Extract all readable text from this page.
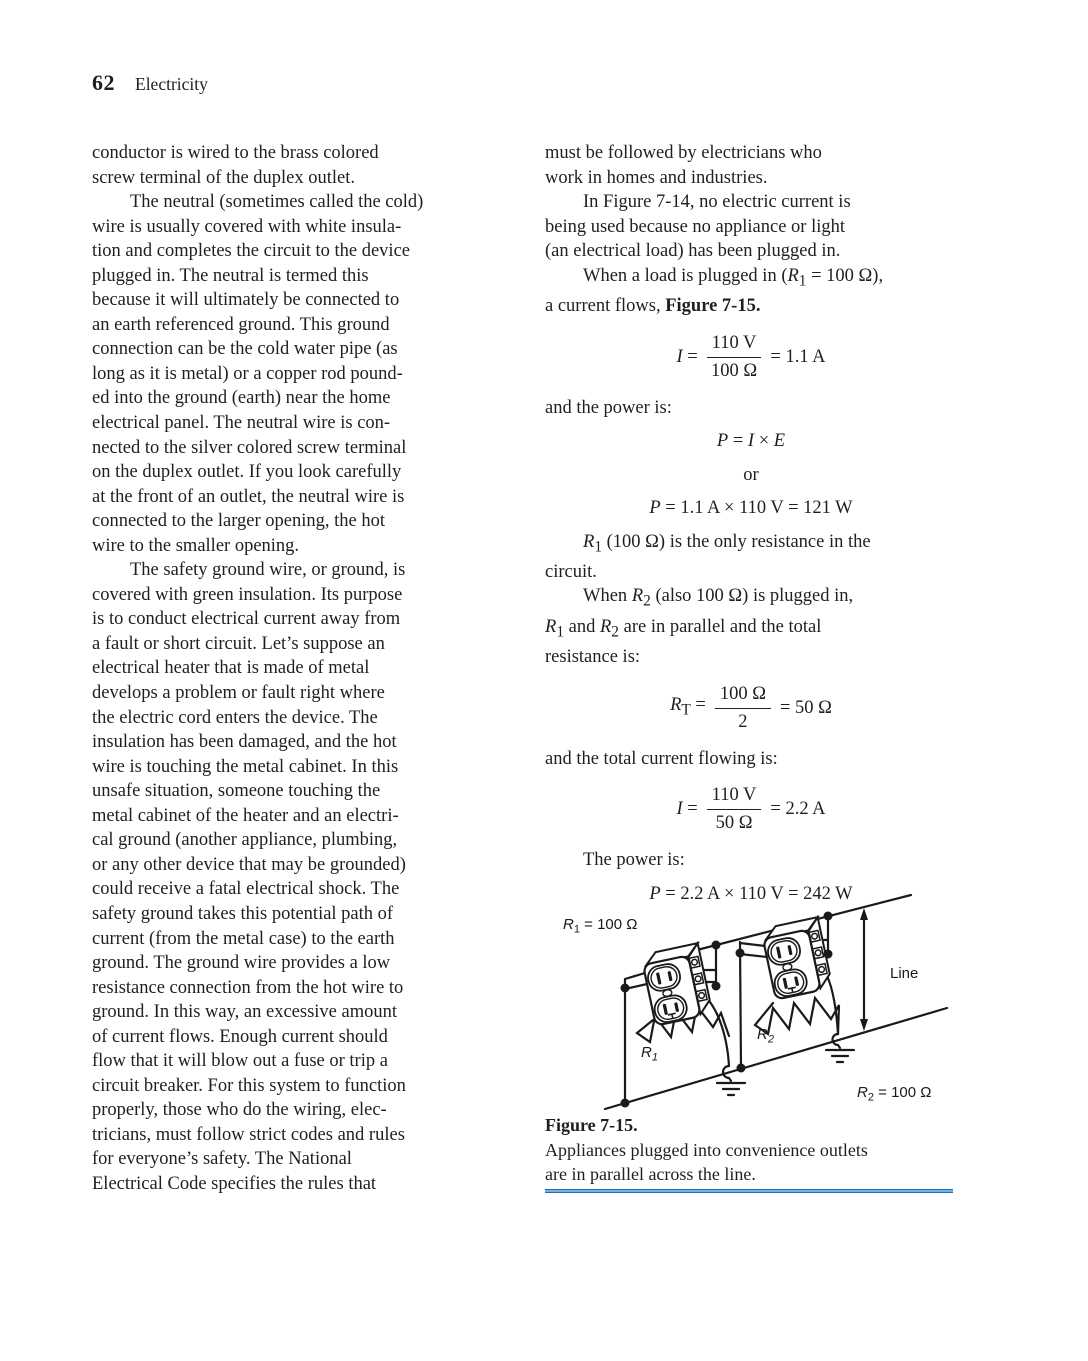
62 Electricity
conductor is wired to the brass colored
screw terminal of the duplex outlet.
The neutral (sometimes called the cold)
wire is usually covered with white insula-
tion and completes the circuit to the device
plugged in. The neutral is termed this
because it will ultimately be connected to
an earth referenced ground. This ground
connection can be the cold water pipe (as
long as it is metal) or a copper rod pound-
ed into the ground (earth) near the home
electrical panel. The neutral wire is con-
nected to the silver colored screw terminal
on the duplex outlet. If you look carefully
at the front of an outlet, the neutral wire is
connected to the larger opening, the hot
wire to the smaller opening.
The safety ground wire, or ground, is
covered with green insulation. Its purpose
is to conduct electrical current away from
a fault or short circuit. Let’s suppose an
electrical heater that is made of metal
develops a problem or fault right where
the electric cord enters the device. The
insulation has been damaged, and the hot
wire is touching the metal cabinet. In this
unsafe situation, someone touching the
metal cabinet of the heater and an electri-
cal ground (another appliance, plumbing,
or any other device that may be grounded)
could receive a fatal electrical shock. The
safety ground takes this potential path of
current (from the metal case) to the earth
ground. The ground wire provides a low
resistance connection from the hot wire to
ground. In this way, an excessive amount
of current flows. Enough current should
flow that it will blow out a fuse or trip a
circuit breaker. For this system to function
properly, those who do the wiring, elec-
tricians, must follow strict codes and rules
for everyone’s safety. The National
Electrical Code specifies the rules that
must be followed by electricians who
work in homes and industries.
In Figure 7-14, no electric current is
being used because no appliance or light
(an electrical load) has been plugged in.
When a load is plugged in ($R_1 = 100$ Ω),
a current flows, Figure 7-15.
$I = \frac{110 V}{100 \Omega} = 1.1$ A
and the power is:
P = I × E
or
P = 1.1 A × 110 V = 121 W
$R_1$ (100 Ω) is the only resistance in the
circuit.
When $R_2$ (also 100 Ω) is plugged in,
$R_1$ and $R_2$ are in parallel and the total
resistance is:
$R_T = \frac{100 \Omega}{2} = 50$ Ω
and the total current flowing is:
$I = \frac{110 V}{50 \Omega} = 2.2$ A
The power is:
P = 2.2 A × 110 V = 242 W
$R_1 = 100$ Ω
$R_2 = 100$ Ω
$R_1$
$R_2$
Line
Figure 7-15.
Appliances plugged into convenience outlets
are in parallel across the line.
